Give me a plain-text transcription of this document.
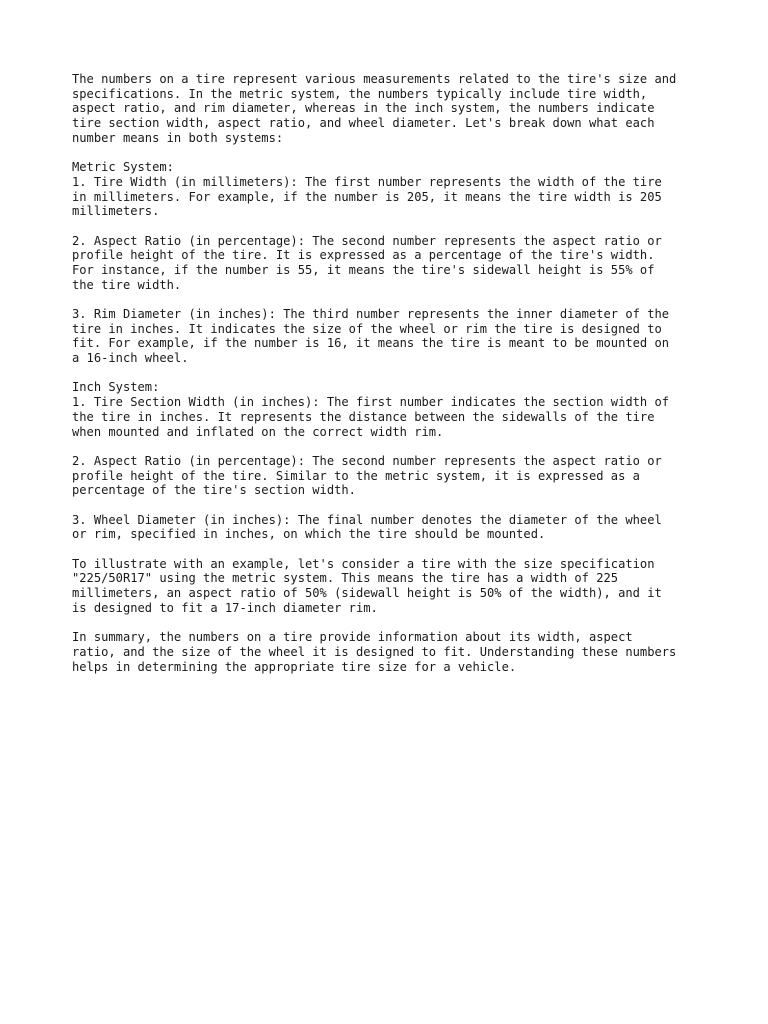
The numbers on a tire represent various measurements related to the tire's size and
specifications. In the metric system, the numbers typically include tire width,
aspect ratio, and rim diameter, whereas in the inch system, the numbers indicate
tire section width, aspect ratio, and wheel diameter. Let's break down what each
number means in both systems:
Metric System:
1. Tire Width (in millimeters): The first number represents the width of the tire
in millimeters. For example, if the number is 205, it means the tire width is 205
millimeters.
2. Aspect Ratio (in percentage): The second number represents the aspect ratio or
profile height of the tire. It is expressed as a percentage of the tire's width.
For instance, if the number is 55, it means the tire's sidewall height is 55% of
the tire width.
3. Rim Diameter (in inches): The third number represents the inner diameter of the
tire in inches. It indicates the size of the wheel or rim the tire is designed to
fit. For example, if the number is 16, it means the tire is meant to be mounted on
a 16-inch wheel.
Inch System:
1. Tire Section Width (in inches): The first number indicates the section width of
the tire in inches. It represents the distance between the sidewalls of the tire
when mounted and inflated on the correct width rim.
2. Aspect Ratio (in percentage): The second number represents the aspect ratio or
profile height of the tire. Similar to the metric system, it is expressed as a
percentage of the tire's section width.
3. Wheel Diameter (in inches): The final number denotes the diameter of the wheel
or rim, specified in inches, on which the tire should be mounted.
To illustrate with an example, let's consider a tire with the size specification
"225/50R17" using the metric system. This means the tire has a width of 225
millimeters, an aspect ratio of 50% (sidewall height is 50% of the width), and it
is designed to fit a 17-inch diameter rim.
In summary, the numbers on a tire provide information about its width, aspect
ratio, and the size of the wheel it is designed to fit. Understanding these numbers
helps in determining the appropriate tire size for a vehicle.
